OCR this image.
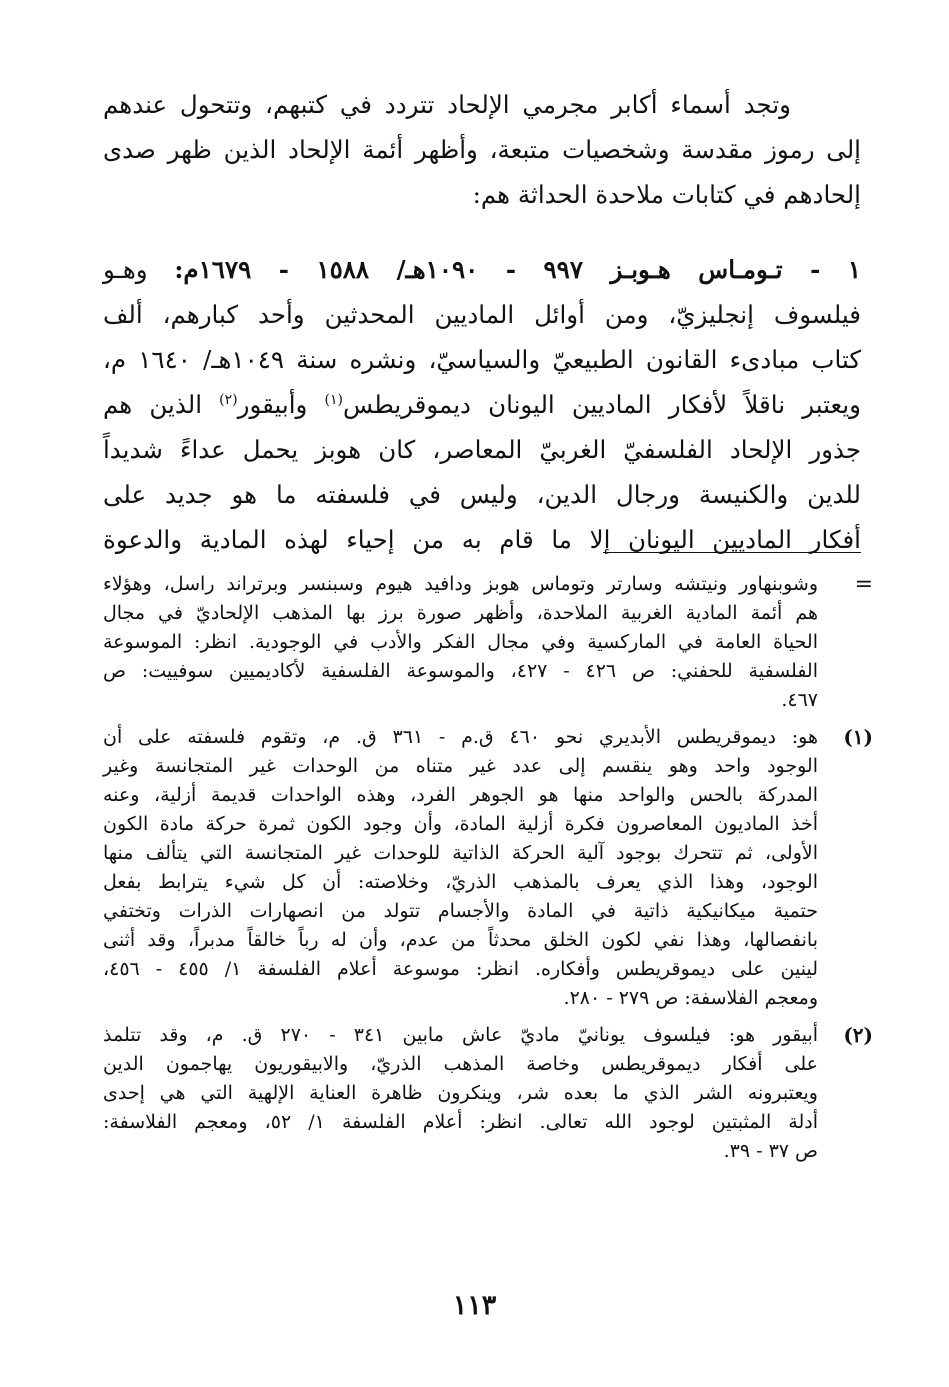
وتجد أسماء أكابر مجرمي الإلحاد تتردد في كتبهم، وتتحول عندهم
إلى رموز مقدسة وشخصيات متبعة، وأظهر أئمة الإلحاد الذين ظهر صدى
إلحادهم في كتابات ملاحدة الحداثة هم:
١ - تـومـاس هـوبـز ٩٩٧ - ١٠٩٠هـ/ ١٥٨٨ - ١٦٧٩م: وهـو
فيلسوف إنجليزيّ، ومن أوائل الماديين المحدثين وأحد كبارهم، ألف
كتاب مبادىء القانون الطبيعيّ والسياسيّ، ونشره سنة ١٠٤٩هـ/ ١٦٤٠ م،
ويعتبر ناقلاً لأفكار الماديين اليونان ديموقريطس$^{(١)}$ وأبيقور$^{(٢)}$ الذين هم
جذور الإلحاد الفلسفيّ الغربيّ المعاصر، كان هوبز يحمل عداءً شديداً
للدين والكنيسة ورجال الدين، وليس في فلسفته ما هو جديد على
أفكار الماديين اليونان إلا ما قام به من إحياء لهذه المادية والدعوة
=
وشوبنهاور ونيتشه وسارتر وتوماس هوبز ودافيد هيوم وسبنسر وبرتراند راسل، وهؤلاء
هم أئمة المادية الغربية الملاحدة، وأظهر صورة برز بها المذهب الإلحاديّ في مجال
الحياة العامة في الماركسية وفي مجال الفكر والأدب في الوجودية. انظر: الموسوعة
الفلسفية للحفني: ص ٤٢٦ - ٤٢٧، والموسوعة الفلسفية لأكاديميين سوفييت: ص
٤٦٧.
(١)
هو: ديموقريطس الأبديري نحو ٤٦٠ ق.م - ٣٦١ ق. م، وتقوم فلسفته على أن
الوجود واحد وهو ينقسم إلى عدد غير متناه من الوحدات غير المتجانسة وغير
المدركة بالحس والواحد منها هو الجوهر الفرد، وهذه الواحدات قديمة أزلية، وعنه
أخذ الماديون المعاصرون فكرة أزلية المادة، وأن وجود الكون ثمرة حركة مادة الكون
الأولى، ثم تتحرك بوجود آلية الحركة الذاتية للوحدات غير المتجانسة التي يتألف منها
الوجود، وهذا الذي يعرف بالمذهب الذريّ، وخلاصته: أن كل شيء يترابط بفعل
حتمية ميكانيكية ذاتية في المادة والأجسام تتولد من انصهارات الذرات وتختفي
بانفصالها، وهذا نفي لكون الخلق محدثاً من عدم، وأن له رباً خالقاً مدبراً، وقد أثنى
لينين على ديموقريطس وأفكاره. انظر: موسوعة أعلام الفلسفة ١/ ٤٥٥ - ٤٥٦،
ومعجم الفلاسفة: ص ٢٧٩ - ٢٨٠.
(٢)
أبيقور هو: فيلسوف يونانيّ ماديّ عاش مابين ٣٤١ - ٢٧٠ ق. م، وقد تتلمذ
على أفكار ديموقريطس وخاصة المذهب الذريّ، والابيقوريون يهاجمون الدين
ويعتبرونه الشر الذي ما بعده شر، وينكرون ظاهرة العناية الإلهية التي هي إحدى
أدلة المثبتين لوجود الله تعالى. انظر: أعلام الفلسفة ١/ ٥٢، ومعجم الفلاسفة:
ص ٣٧ - ٣٩.
١١٣
